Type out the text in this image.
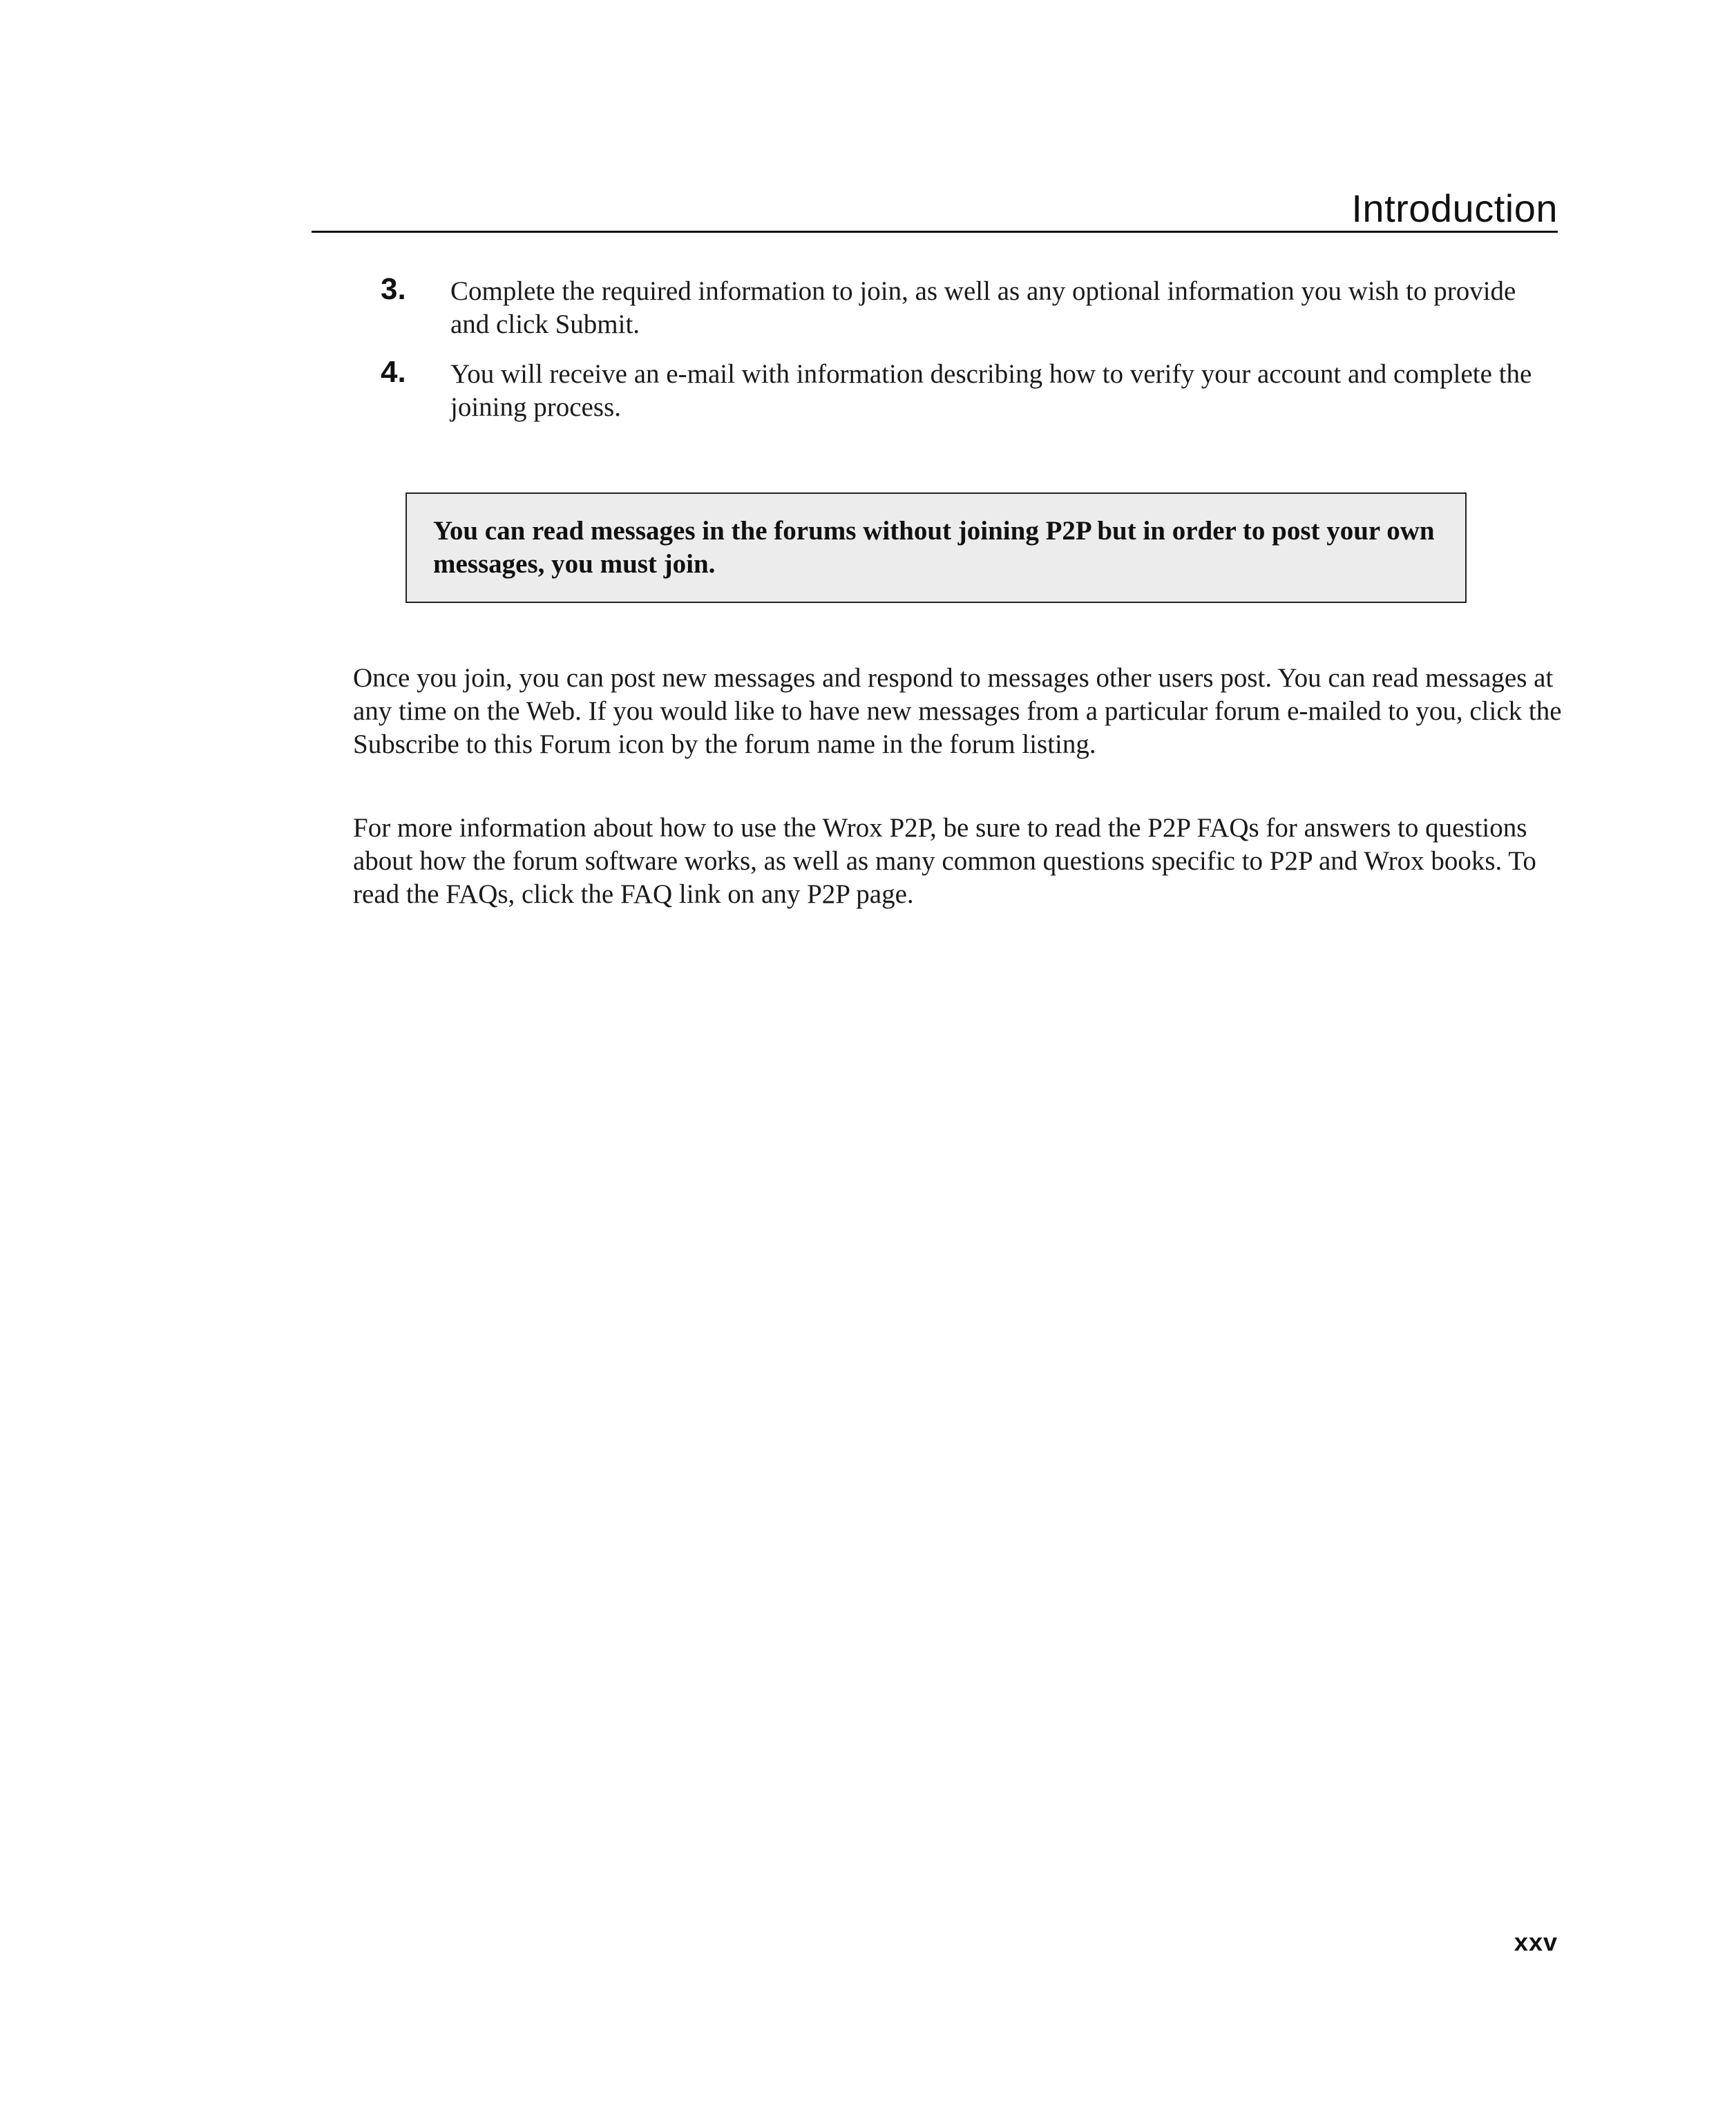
Introduction
3. Complete the required information to join, as well as any optional information you wish to provide and click Submit.
4. You will receive an e-mail with information describing how to verify your account and complete the joining process.
You can read messages in the forums without joining P2P but in order to post your own messages, you must join.

Once you join, you can post new messages and respond to messages other users post. You can read messages at any time on the Web. If you would like to have new messages from a particular forum e-mailed to you, click the Subscribe to this Forum icon by the forum name in the forum listing.

For more information about how to use the Wrox P2P, be sure to read the P2P FAQs for answers to questions about how the forum software works, as well as many common questions specific to P2P and Wrox books. To read the FAQs, click the FAQ link on any P2P page.

xxv
